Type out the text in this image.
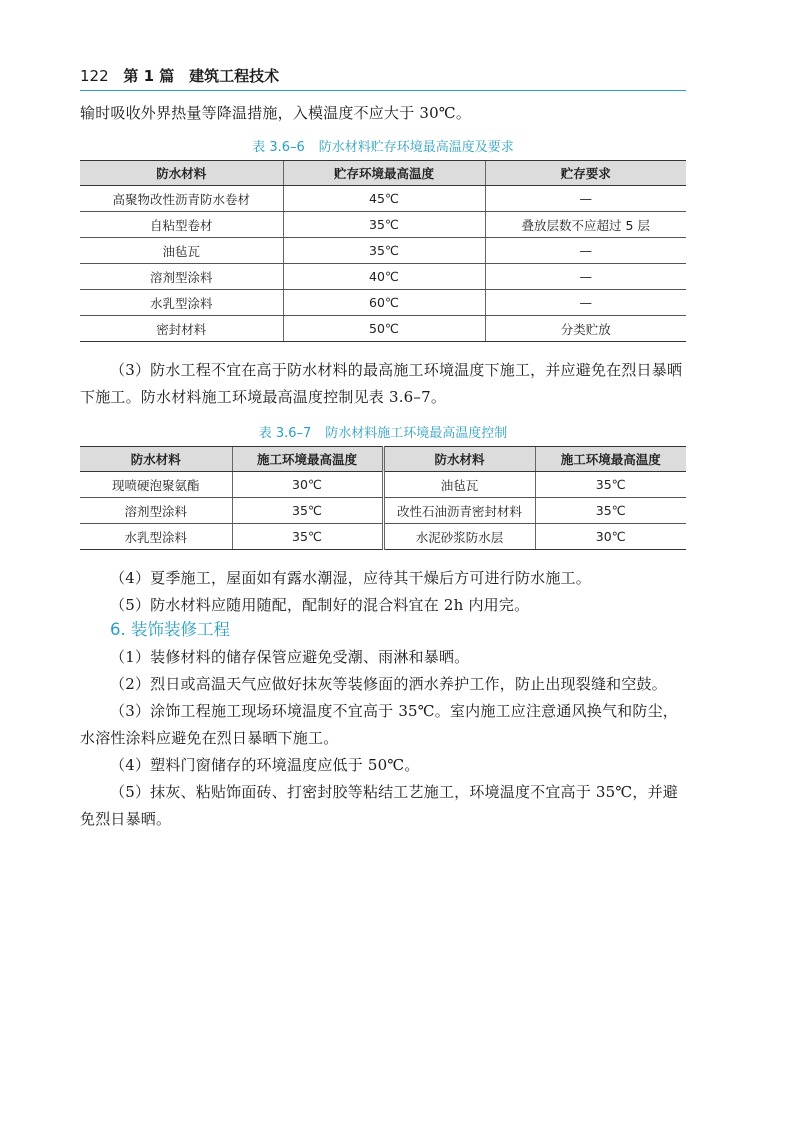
122 第 1 篇 建筑工程技术

输时吸收外界热量等降温措施，入模温度不应大于 30℃。

表 3.6–6 防水材料贮存环境最高温度及要求
防水材料	贮存环境最高温度	贮存要求
高聚物改性沥青防水卷材	45℃	—
自粘型卷材	35℃	叠放层数不应超过 5 层
油毡瓦	35℃	—
溶剂型涂料	40℃	—
水乳型涂料	60℃	—
密封材料	50℃	分类贮放

（3）防水工程不宜在高于防水材料的最高施工环境温度下施工，并应避免在烈日暴晒下施工。防水材料施工环境最高温度控制见表 3.6–7。

表 3.6–7 防水材料施工环境最高温度控制
防水材料	施工环境最高温度	防水材料	施工环境最高温度
现喷硬泡聚氨酯	30℃	油毡瓦	35℃
溶剂型涂料	35℃	改性石油沥青密封材料	35℃
水乳型涂料	35℃	水泥砂浆防水层	30℃

（4）夏季施工，屋面如有露水潮湿，应待其干燥后方可进行防水施工。

（5）防水材料应随用随配，配制好的混合料宜在 2h 内用完。

6. 装饰装修工程

（1）装修材料的储存保管应避免受潮、雨淋和暴晒。

（2）烈日或高温天气应做好抹灰等装修面的洒水养护工作，防止出现裂缝和空鼓。

（3）涂饰工程施工现场环境温度不宜高于 35℃。室内施工应注意通风换气和防尘，水溶性涂料应避免在烈日暴晒下施工。

（4）塑料门窗储存的环境温度应低于 50℃。

（5）抹灰、粘贴饰面砖、打密封胶等粘结工艺施工，环境温度不宜高于 35℃，并避免烈日暴晒。
